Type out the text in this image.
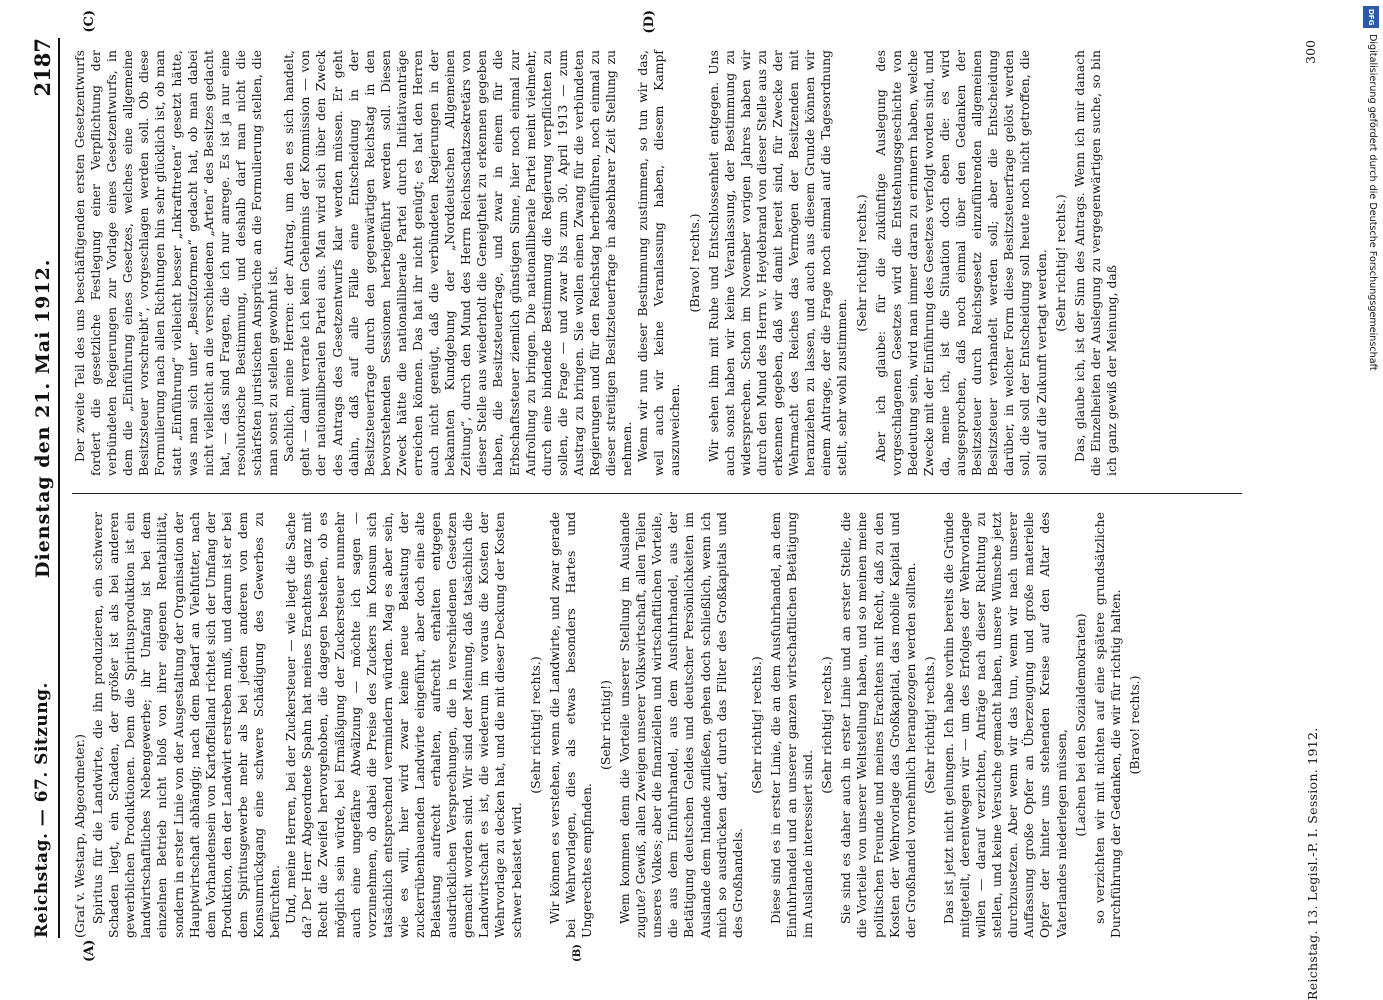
Reichstag. — 67. Sitzung.
Dienstag den 21. Mai 1912.
2187
(A)	(B)

(Graf v. Westarp, Abgeordneter.) Spiritus für die Landwirte, die ihn produzieren, ein schwerer Schaden liegt, ein Schaden, der größer ist als bei anderen gewerblichen Produktionen. Denn die Spiritusproduktion ist ein landwirtschaftliches Nebengewerbe; ihr Umfang ist bei dem einzelnen Betrieb nicht bloß von ihrer eigenen Rentabilität, sondern in erster Linie von der Ausgestaltung der Organisation der Hauptwirtschaft abhängig; nach dem Bedarf an Viehfutter, nach dem Vorhandensein von Kartoffelland richtet sich der Umfang der Produktion, den der Landwirt erstreben muß, und darum ist er bei dem Spiritusgewerbe mehr als bei jedem anderen von dem Konsumrückgang eine schwere Schädigung des Gewerbes zu befürchten. Und, meine Herren, bei der Zuckersteuer — wie liegt die Sache da? Der Herr Abgeordnete Spahn hat meines Erachtens ganz mit Recht die Zweifel hervorgehoben, die dagegen bestehen, ob es möglich sein würde, bei Ermäßigung der Zuckersteuer nunmehr auch eine ungefähre Abwälzung — möchte ich sagen — vorzunehmen, ob dabei die Preise des Zuckers im Konsum sich tatsächlich entsprechend vermindern würden. Mag es aber sein, wie es will, hier wird zwar keine neue Belastung der zuckerrübenbauenden Landwirte eingeführt, aber doch eine alte Belastung aufrecht erhalten, aufrecht erhalten entgegen ausdrücklichen Versprechungen, die in verschiedenen Gesetzen gemacht worden sind. Wir sind der Meinung, daß tatsächlich die Landwirtschaft es ist, die wiederum im voraus die Kosten der Wehrvorlage zu decken hat, und die mit dieser Deckung der Kosten schwer belastet wird.

(Sehr richtig! rechts.) Wir können es verstehen, wenn die Landwirte, und zwar gerade bei Wehrvorlagen, dies als etwas besonders Hartes und Ungerechtes empfinden.

(Sehr richtig!) Wem kommen denn die Vorteile unserer Stellung im Auslande zugute? Gewiß, allen Zweigen unserer Volkswirtschaft, allen Teilen unseres Volkes; aber die finanziellen und wirtschaftlichen Vorteile, die aus dem Einfuhrhandel, aus dem Ausfuhrhandel, aus der Betätigung deutschen Geldes und deutscher Persönlichkeiten im Auslande dem Inlande zufließen, gehen doch schließlich, wenn ich mich so ausdrücken darf, durch das Filter des Großkapitals und des Großhandels.

(Sehr richtig! rechts.) Diese sind es in erster Linie, die an dem Ausfuhrhandel, an dem Einfuhrhandel und an unserer ganzen wirtschaftlichen Betätigung im Auslande interessiert sind.

(Sehr richtig! rechts.) Sie sind es daher auch in erster Linie und an erster Stelle, die die Vorteile von unserer Weltstellung haben, und so meinen meine politischen Freunde und meines Erachtens mit Recht, daß zu den Kosten der Wehrvorlage das Großkapital, das mobile Kapital und der Großhandel vornehmlich herangezogen werden sollten. (Sehr richtig! rechts.) Das ist jetzt nicht gelungen. Ich habe vorhin bereits die Gründe mitgeteilt, derentwegen wir — um des Erfolges der Wehrvorlage willen — darauf verzichten, Anträge nach dieser Richtung zu stellen, und keine Versuche gemacht haben, unsere Wünsche jetzt durchzusetzen. Aber wenn wir das tun, wenn wir nach unserer Auffassung große Opfer an Überzeugung und große materielle Opfer der hinter uns stehenden Kreise auf den Altar des Vaterlandes niederlegen müssen, (Lachen bei den Sozialdemokraten) so verzichten wir mit nichten auf eine spätere grundsätzliche Durchführung der Gedanken, die wir für richtig halten. (Bravo! rechts.)

Der zweite Teil des uns beschäftigenden ersten Gesetzentwurfs fordert die gesetzliche Festlegung einer Verpflichtung der verbündeten Regierungen zur Vorlage eines Gesetzentwurfs, in dem die „Einführung eines Gesetzes, welches eine allgemeine Besitzsteuer vorschreibt“, vorgeschlagen werden soll. Ob diese Formulierung nach allen Richtungen hin sehr glücklich ist, ob man statt „Einführung“ vielleicht besser „Inkrafttreten“ gesetzt hätte, was man sich unter „Besitzformen“ gedacht hat, ob man dabei nicht vielleicht an die verschiedenen „Arten“ des Besitzes gedacht hat, — das sind Fragen, die ich nur anrege. Es ist ja nur eine resolutorische Bestimmung, und deshalb darf man nicht die schärfsten juristischen Ansprüche an die Formulierung stellen, die man sonst zu stellen gewohnt ist. Sachlich, meine Herren: der Antrag, um den es sich handelt, geht — damit verrate ich kein Geheimnis der Kommission — von der nationalliberalen Partei aus. Man wird sich über den Zweck des Antrags des Gesetzentwurfs klar werden müssen. Er geht dahin, daß auf alle Fälle eine Entscheidung in der Besitzsteuerfrage durch den gegenwärtigen Reichstag in den bevorstehenden Sessionen herbeigeführt werden soll. Diesen Zweck hätte die nationalliberale Partei durch Initiativanträge erreichen können. Das hat ihr nicht genügt; es hat den Herren auch nicht genügt, daß die verbündeten Regierungen in der bekannten Kundgebung der „Norddeutschen Allgemeinen Zeitung“, durch den Mund des Herrn Reichsschatzsekretärs von dieser Stelle aus wiederholt die Geneigtheit zu erkennen gegeben haben, die Besitzsteuerfrage, und zwar in einem für die Erbschaftssteuer ziemlich günstigen Sinne, hier noch einmal zur Aufrollung zu bringen. Die nationalliberale Partei meint vielmehr, durch eine bindende Bestimmung die Regierung verpflichten zu sollen, die Frage — und zwar bis zum 30. April 1913 — zum Austrag zu bringen. Sie wollen einen Zwang für die verbündeten Regierungen und für den Reichstag herbeiführen, noch einmal zu dieser streitigen Besitzsteuerfrage in absehbarer Zeit Stellung zu nehmen. Wenn wir nun dieser Bestimmung zustimmen, so tun wir das, weil auch wir keine Veranlassung haben, diesem Kampf auszuweichen.

(Bravo! rechts.) Wir sehen ihm mit Ruhe und Entschlossenheit entgegen. Uns auch sonst haben wir keine Veranlassung, der Bestimmung zu widersprechen. Schon im November vorigen Jahres haben wir durch den Mund des Herrn v. Heydebrand von dieser Stelle aus zu erkennen gegeben, daß wir damit bereit sind, für Zwecke der Wehrmacht des Reiches das Vermögen der Besitzenden mit heranziehen zu lassen, und auch aus diesem Grunde können wir einem Antrage, der die Frage noch einmal auf die Tagesordnung stellt, sehr wohl zustimmen.

(Sehr richtig! rechts.) Aber ich glaube: für die zukünftige Auslegung des vorgeschlagenen Gesetzes wird die Entstehungsgeschichte von Bedeutung sein, wird man immer daran zu erinnern haben, welche Zwecke mit der Einführung des Gesetzes verfolgt worden sind, und da, meine ich, ist die Situation doch eben die: es wird ausgesprochen, daß noch einmal über den Gedanken der Besitzsteuer durch Reichsgesetz einzuführenden allgemeinen Besitzsteuer verhandelt werden soll; aber die Entscheidung darüber, in welcher Form diese Besitzsteuerfrage gelöst werden soll, die soll der Entscheidung soll heute noch nicht getroffen, die soll auf die Zukunft vertagt werden. (Sehr richtig! rechts.) Das, glaube ich, ist der Sinn des Antrags. Wenn ich mir danach die Einzelheiten der Auslegung zu vergegenwärtigen suche, so bin ich ganz gewiß der Meinung, daß

(C)	(D)
Reichstag. 13. Legisl.-P. I. Session. 1912.
300
DFG
Digitalisierung gefördert durch die Deutsche Forschungsgemeinschaft
